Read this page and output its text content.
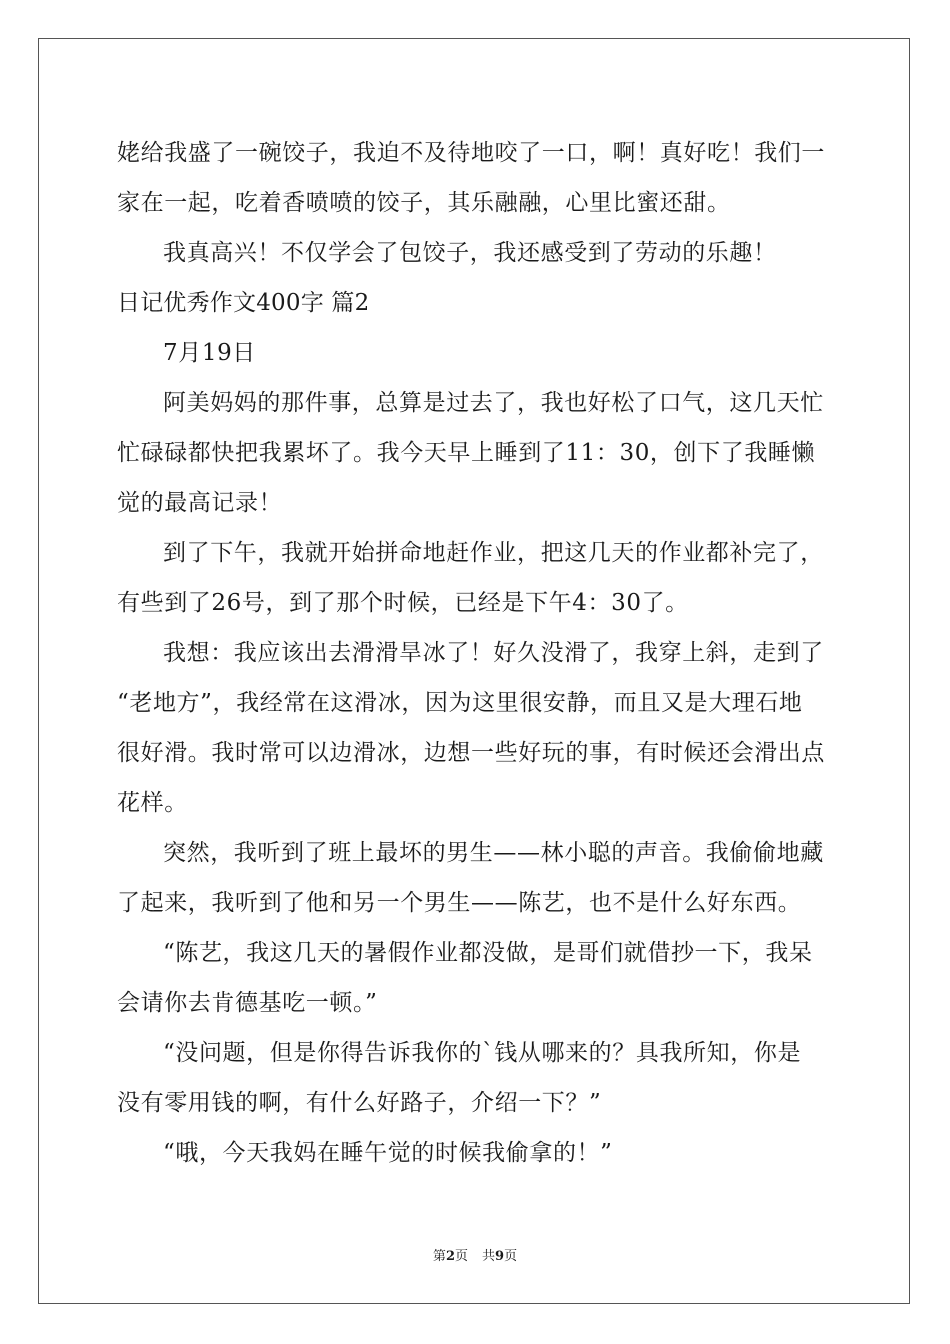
姥给我盛了一碗饺子，我迫不及待地咬了一口，啊！真好吃！我们一
家在一起，吃着香喷喷的饺子，其乐融融，心里比蜜还甜。
我真高兴！不仅学会了包饺子，我还感受到了劳动的乐趣！
日记优秀作文400字 篇2
7月19日
阿美妈妈的那件事，总算是过去了，我也好松了口气，这几天忙
忙碌碌都快把我累坏了。我今天早上睡到了11：30，创下了我睡懒
觉的最高记录！
到了下午，我就开始拼命地赶作业，把这几天的作业都补完了，
有些到了26号，到了那个时候，已经是下午4：30了。
我想：我应该出去滑滑旱冰了！好久没滑了，我穿上斜，走到了
“老地方”，我经常在这滑冰，因为这里很安静，而且又是大理石地
很好滑。我时常可以边滑冰，边想一些好玩的事，有时候还会滑出点
花样。
突然，我听到了班上最坏的男生——林小聪的声音。我偷偷地藏
了起来，我听到了他和另一个男生——陈艺，也不是什么好东西。
“陈艺，我这几天的暑假作业都没做，是哥们就借抄一下，我呆
会请你去肯德基吃一顿。”
“没问题，但是你得告诉我你的`钱从哪来的？具我所知，你是
没有零用钱的啊，有什么好路子，介绍一下？”
“哦，今天我妈在睡午觉的时候我偷拿的！”
第2页 共9页
